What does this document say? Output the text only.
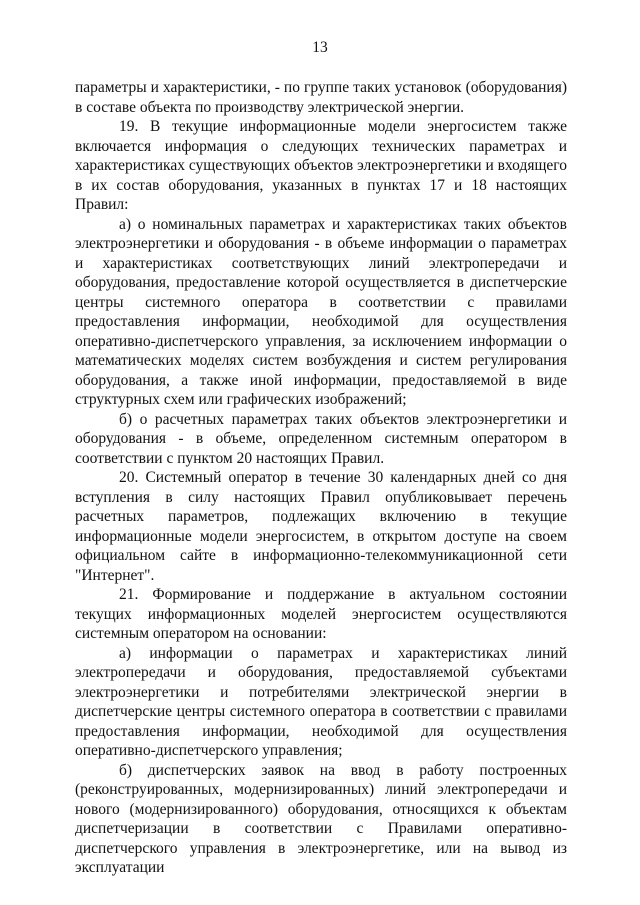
13

параметры и характеристики, - по группе таких установок (оборудования) в составе объекта по производству электрической энергии.

19. В текущие информационные модели энергосистем также включается информация о следующих технических параметрах и характеристиках существующих объектов электроэнергетики и входящего в их состав оборудования, указанных в пунктах 17 и 18 настоящих Правил:

а) о номинальных параметрах и характеристиках таких объектов электроэнергетики и оборудования - в объеме информации о параметрах и характеристиках соответствующих линий электропередачи и оборудования, предоставление которой осуществляется в диспетчерские центры системного оператора в соответствии с правилами предоставления информации, необходимой для осуществления оперативно-диспетчерского управления, за исключением информации о математических моделях систем возбуждения и систем регулирования оборудования, а также иной информации, предоставляемой в виде структурных схем или графических изображений;

б) о расчетных параметрах таких объектов электроэнергетики и оборудования - в объеме, определенном системным оператором в соответствии с пунктом 20 настоящих Правил.

20. Системный оператор в течение 30 календарных дней со дня вступления в силу настоящих Правил опубликовывает перечень расчетных параметров, подлежащих включению в текущие информационные модели энергосистем, в открытом доступе на своем официальном сайте в информационно-телекоммуникационной сети "Интернет".

21. Формирование и поддержание в актуальном состоянии текущих информационных моделей энергосистем осуществляются системным оператором на основании:

а) информации о параметрах и характеристиках линий электропередачи и оборудования, предоставляемой субъектами электроэнергетики и потребителями электрической энергии в диспетчерские центры системного оператора в соответствии с правилами предоставления информации, необходимой для осуществления оперативно-диспетчерского управления;

б) диспетчерских заявок на ввод в работу построенных (реконструированных, модернизированных) линий электропередачи и нового (модернизированного) оборудования, относящихся к объектам диспетчеризации в соответствии с Правилами оперативно-диспетчерского управления в электроэнергетике, или на вывод из эксплуатации
